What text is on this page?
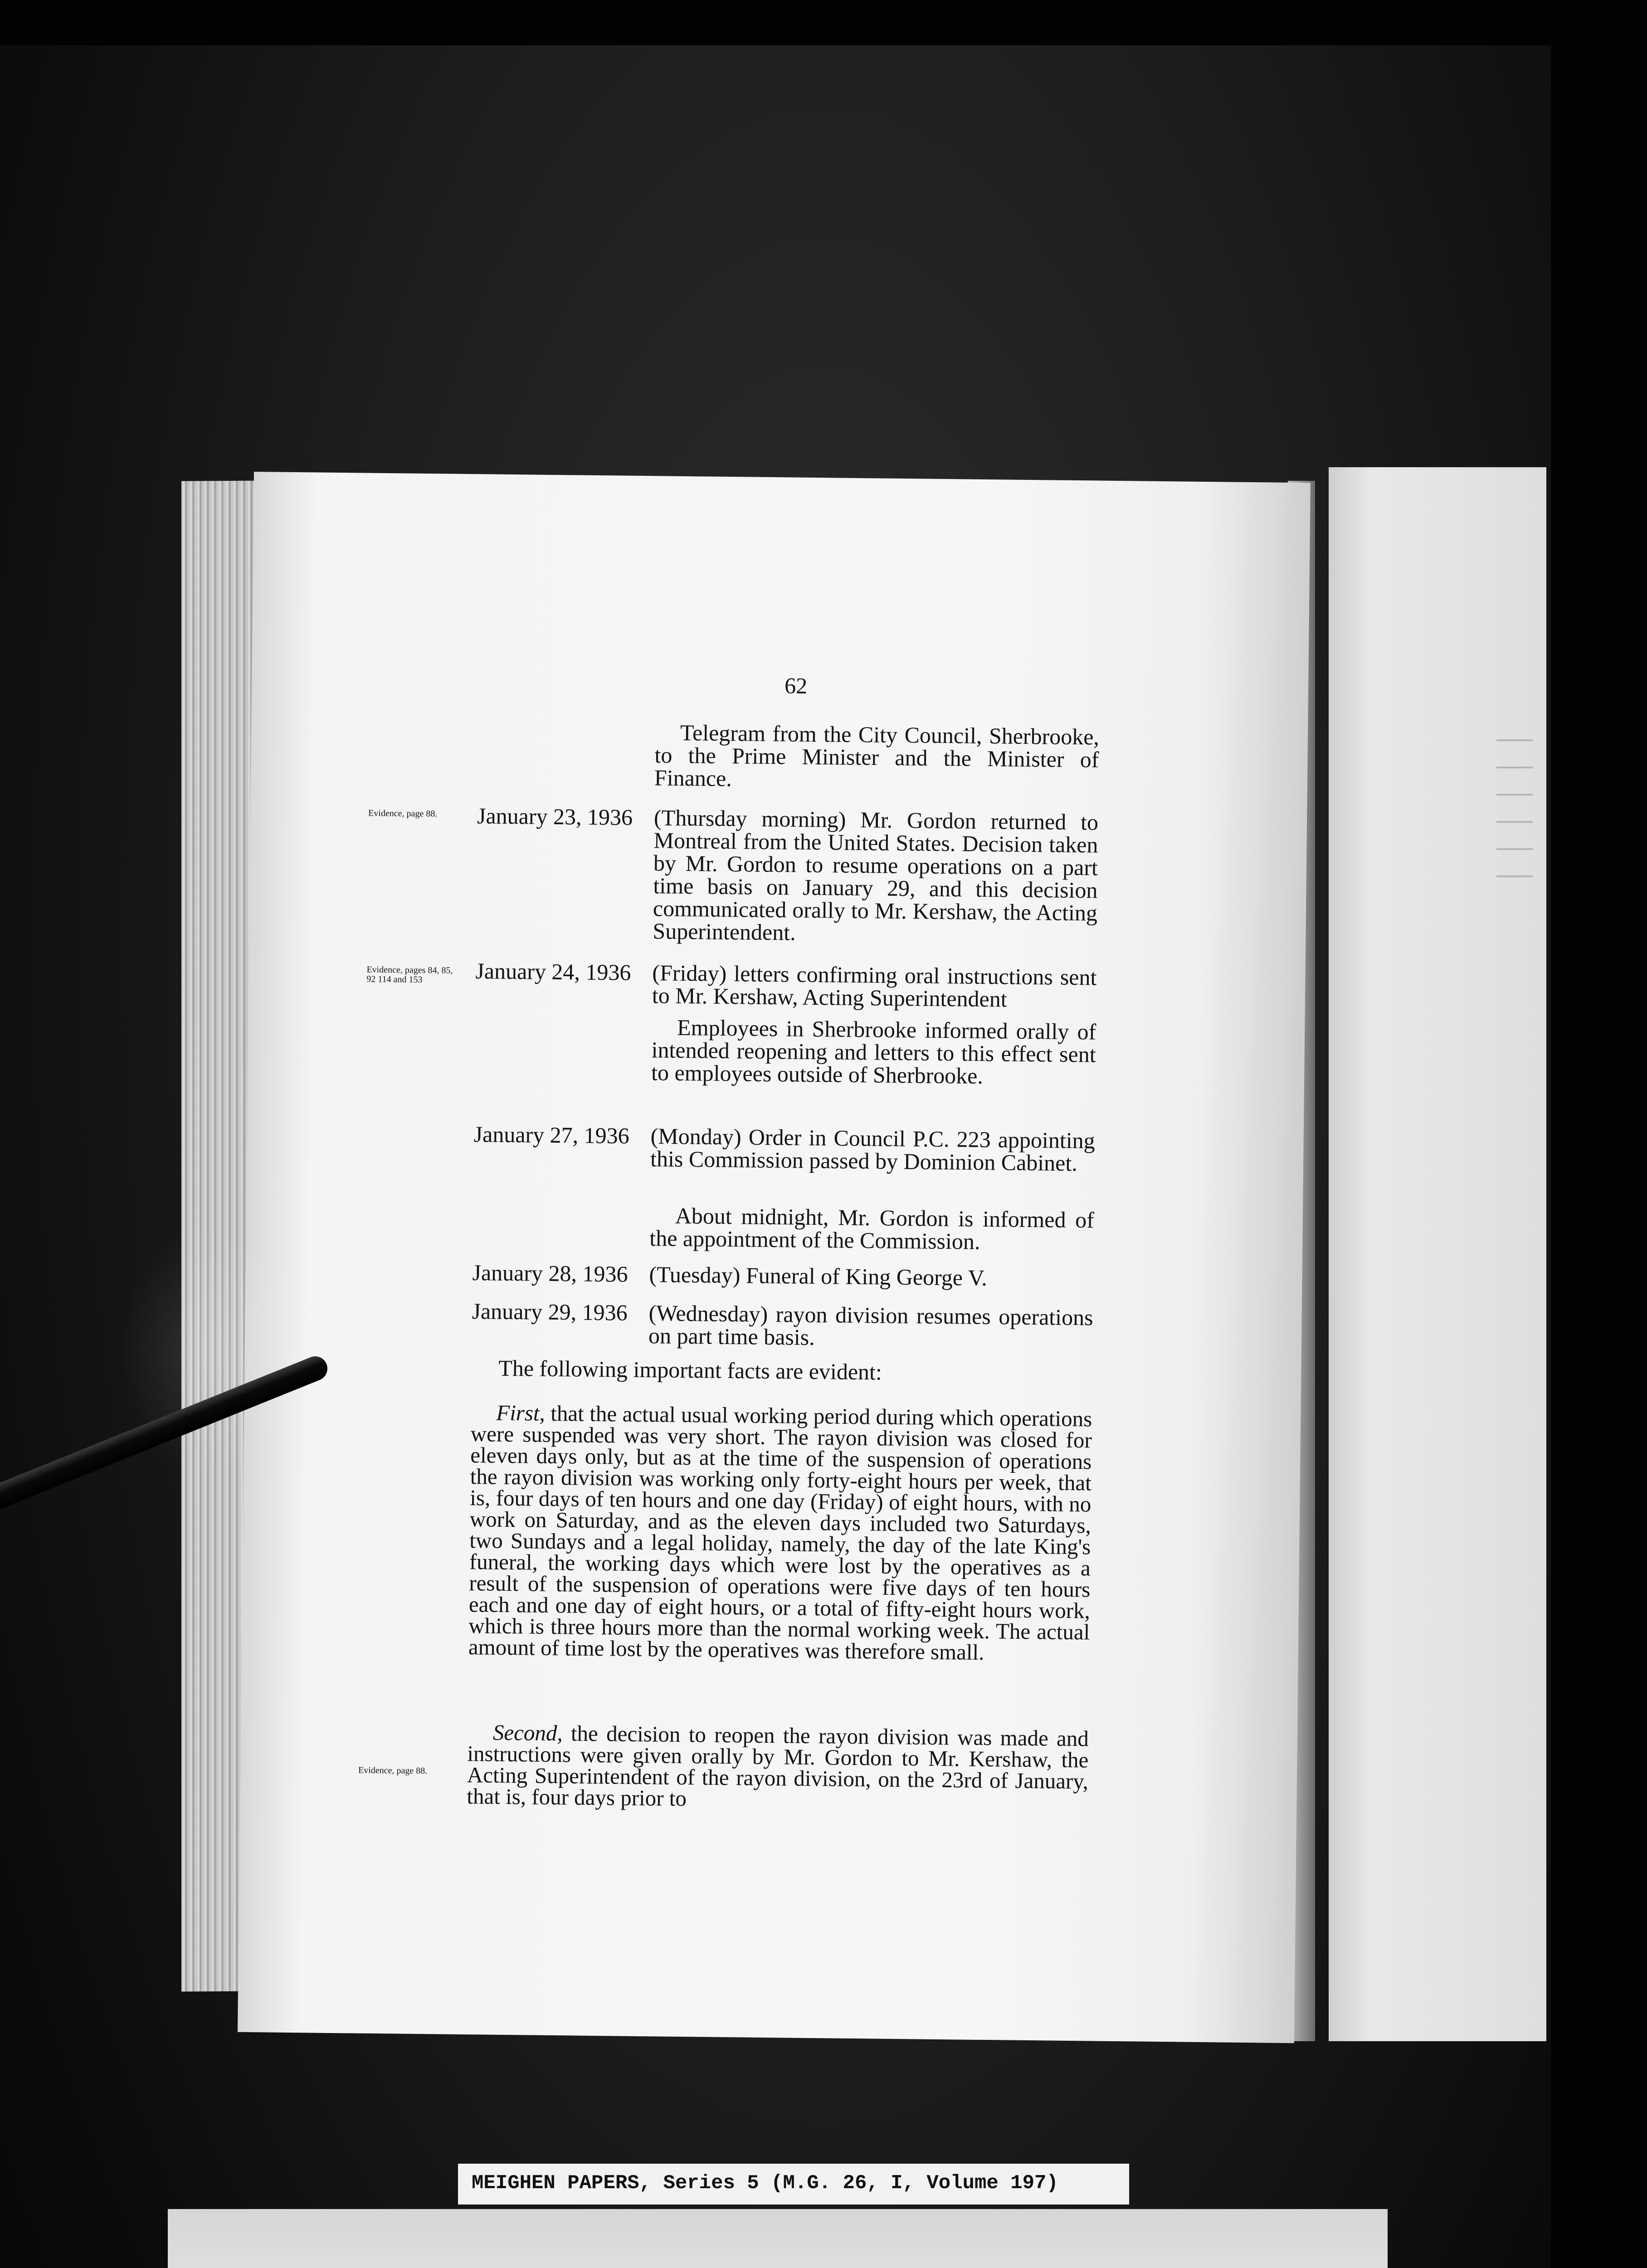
62
Telegram from the City Council, Sherbrooke, to the Prime Minister and the Minister of Finance.
Evidence, page 88.	January 23, 1936 (Thursday morning) Mr. Gordon returned to Montreal from the United States. Decision taken by Mr. Gordon to resume operations on a part time basis on January 29, and this decision communicated orally to Mr. Kershaw, the Acting Superintendent.
Evidence, pages 84, 85, 92 114 and 153	January 24, 1936 (Friday) letters confirming oral instructions sent to Mr. Kershaw, Acting Superintendent
Employees in Sherbrooke informed orally of intended reopening and letters to this effect sent to employees outside of Sherbrooke.
January 27, 1936 (Monday) Order in Council P.C. 223 appointing this Commission passed by Dominion Cabinet.
About midnight, Mr. Gordon is informed of the appointment of the Commission.
January 28, 1936 (Tuesday) Funeral of King George V.
January 29, 1936 (Wednesday) rayon division resumes operations on part time basis.
The following important facts are evident:
First, that the actual usual working period during which operations were suspended was very short. The rayon division was closed for eleven days only, but as at the time of the suspension of operations the rayon division was working only forty-eight hours per week, that is, four days of ten hours and one day (Friday) of eight hours, with no work on Saturday, and as the eleven days included two Saturdays, two Sundays and a legal holiday, namely, the day of the late King's funeral, the working days which were lost by the operatives as a result of the suspension of operations were five days of ten hours each and one day of eight hours, or a total of fifty-eight hours work, which is three hours more than the normal working week. The actual amount of time lost by the operatives was therefore small.
Evidence, page 88.
Second, the decision to reopen the rayon division was made and instructions were given orally by Mr. Gordon to Mr. Kershaw, the Acting Superintendent of the rayon division, on the 23rd of January, that is, four days prior to
MEIGHEN PAPERS, Series 5 (M.G. 26, I, Volume 197)
